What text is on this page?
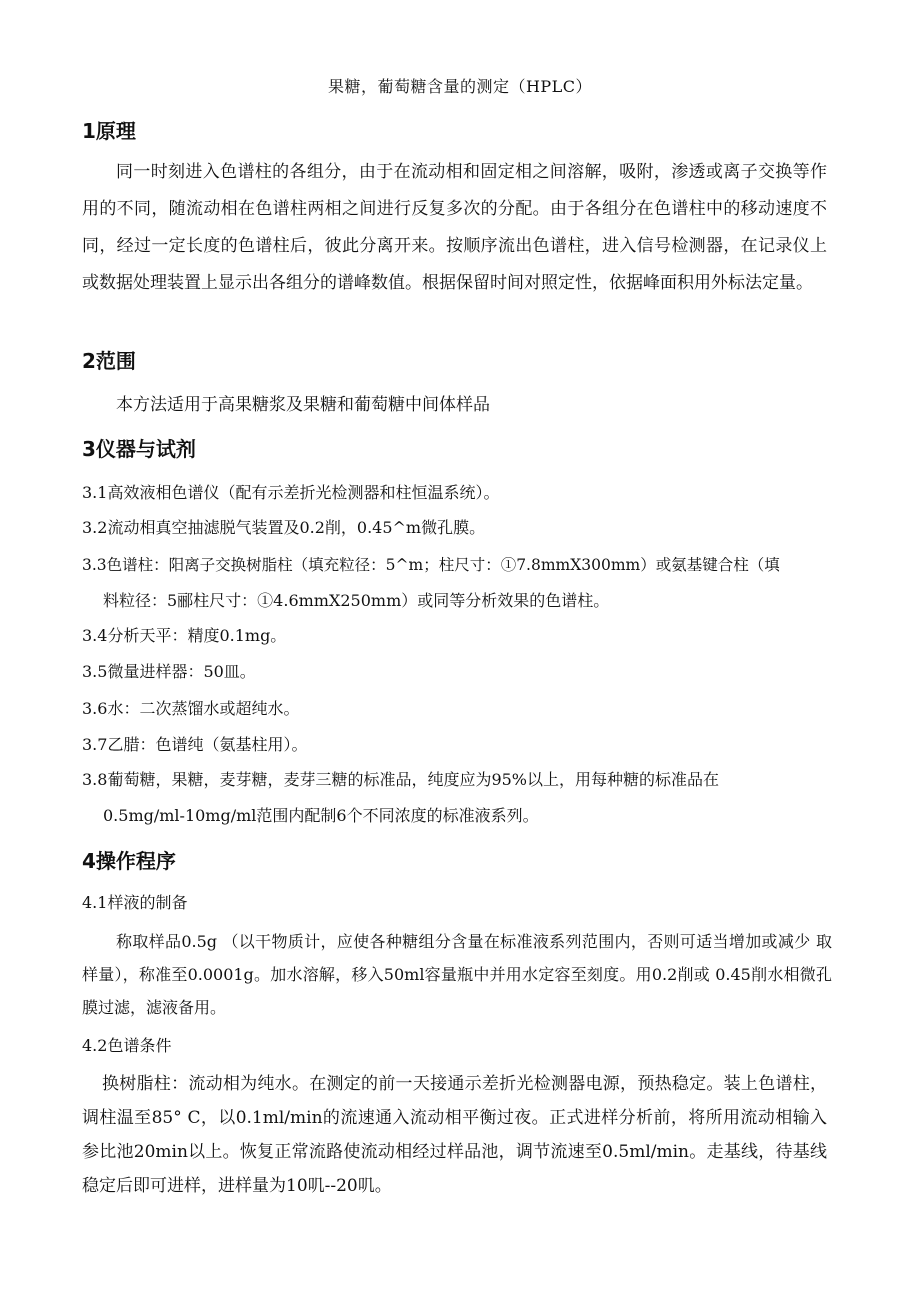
果糖，葡萄糖含量的测定（HPLC）
1原理
同一时刻进入色谱柱的各组分，由于在流动相和固定相之间溶解，吸附，渗透或离子交换等作用的不同，随流动相在色谱柱两相之间进行反复多次的分配。由于各组分在色谱柱中的移动速度不同，经过一定长度的色谱柱后，彼此分离开来。按顺序流出色谱柱，进入信号检测器，在记录仪上或数据处理装置上显示出各组分的谱峰数值。根据保留时间对照定性，依据峰面积用外标法定量。
2范围
本方法适用于高果糖浆及果糖和葡萄糖中间体样品
3仪器与试剂
3.1高效液相色谱仪（配有示差折光检测器和柱恒温系统）。
3.2流动相真空抽滤脱气装置及0.2削，0.45^m微孔膜。
3.3色谱柱：阳离子交换树脂柱（填充粒径：5^m；柱尺寸：①7.8mmX300mm）或氨基键合柱（填
料粒径：5郦柱尺寸：①4.6mmX250mm）或同等分析效果的色谱柱。
3.4分析天平：精度0.1mg。
3.5微量进样器：50皿。
3.6水：二次蒸馏水或超纯水。
3.7乙腊：色谱纯（氨基柱用）。
3.8葡萄糖，果糖，麦芽糖，麦芽三糖的标准品，纯度应为95%以上，用每种糖的标准品在
0.5mg/ml-10mg/ml范围内配制6个不同浓度的标准液系列。
4操作程序
4.1样液的制备
称取样品0.5g （以干物质计，应使各种糖组分含量在标准液系列范围内，否则可适当增加或减少 取样量），称准至0.0001g。加水溶解，移入50ml容量瓶中并用水定容至刻度。用0.2削或 0.45削水相微孔膜过滤，滤液备用。
4.2色谱条件
换树脂柱：流动相为纯水。在测定的前一天接通示差折光检测器电源，预热稳定。装上色谱柱，调柱温至85° C，以0.1ml/min的流速通入流动相平衡过夜。正式进样分析前，将所用流动相输入参比池20min以上。恢复正常流路使流动相经过样品池，调节流速至0.5ml/min。走基线，待基线稳定后即可进样，进样量为10叽--20叽。
